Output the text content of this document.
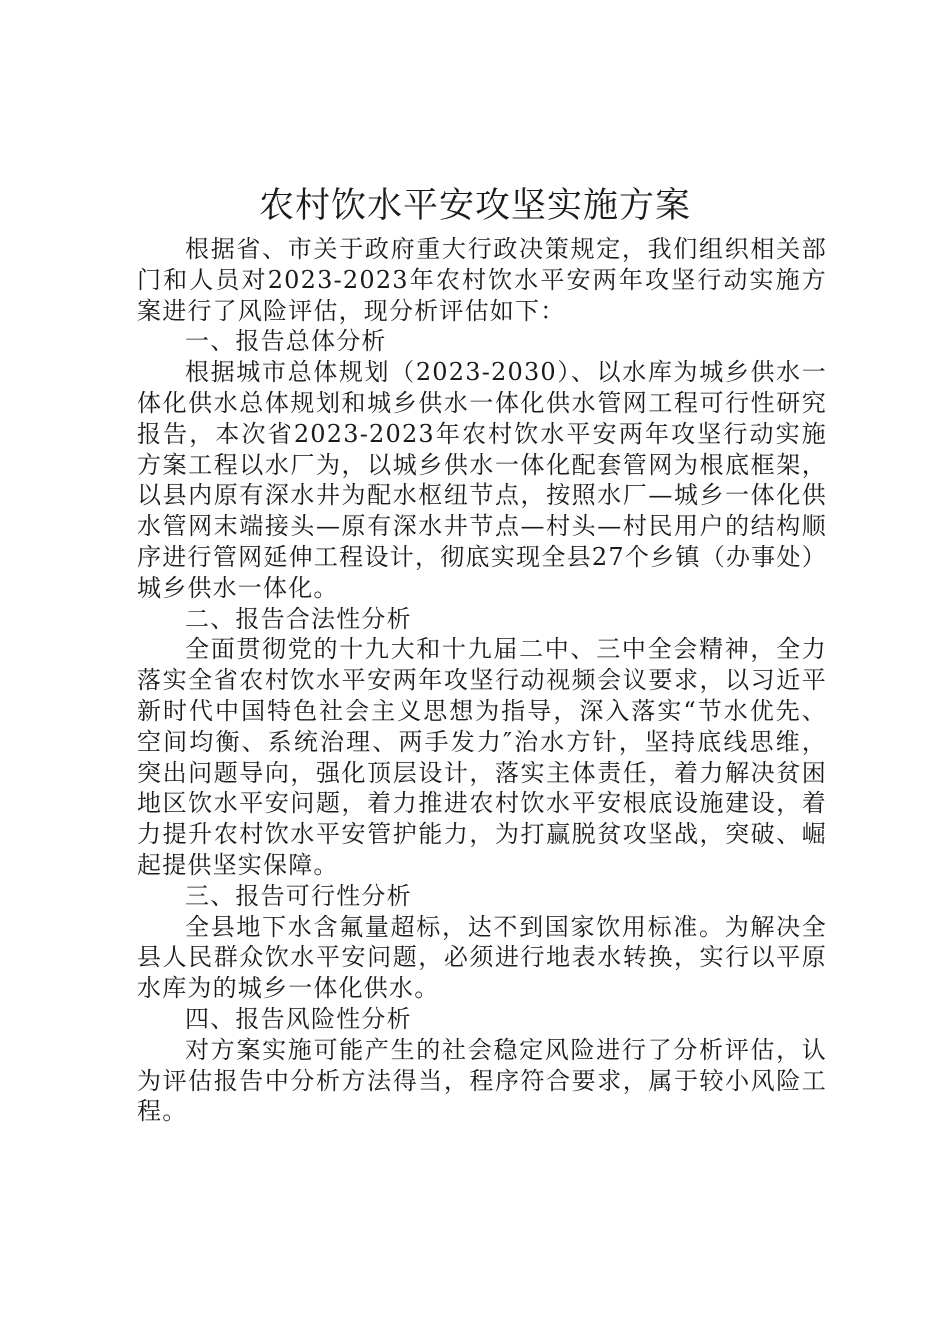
农村饮水平安攻坚实施方案

根据省、市关于政府重大行政决策规定，我们组织相关部门和人员对2023-2023年农村饮水平安两年攻坚行动实施方案进行了风险评估，现分析评估如下：

一、报告总体分析

根据城市总体规划（2023-2030）、以水库为城乡供水一体化供水总体规划和城乡供水一体化供水管网工程可行性研究报告，本次省2023-2023年农村饮水平安两年攻坚行动实施方案工程以水厂为，以城乡供水一体化配套管网为根底框架，以县内原有深水井为配水枢纽节点，按照水厂—城乡一体化供水管网末端接头—原有深水井节点—村头—村民用户的结构顺序进行管网延伸工程设计，彻底实现全县27个乡镇（办事处）城乡供水一体化。

二、报告合法性分析

全面贯彻党的十九大和十九届二中、三中全会精神，全力落实全省农村饮水平安两年攻坚行动视频会议要求，以习近平新时代中国特色社会主义思想为指导，深入落实“节水优先、空间均衡、系统治理、两手发力″治水方针，坚持底线思维，突出问题导向，强化顶层设计，落实主体责任，着力解决贫困地区饮水平安问题，着力推进农村饮水平安根底设施建设，着力提升农村饮水平安管护能力，为打赢脱贫攻坚战，突破、崛起提供坚实保障。

三、报告可行性分析

全县地下水含氟量超标，达不到国家饮用标准。为解决全县人民群众饮水平安问题，必须进行地表水转换，实行以平原水库为的城乡一体化供水。

四、报告风险性分析

对方案实施可能产生的社会稳定风险进行了分析评估，认为评估报告中分析方法得当，程序符合要求，属于较小风险工程。
